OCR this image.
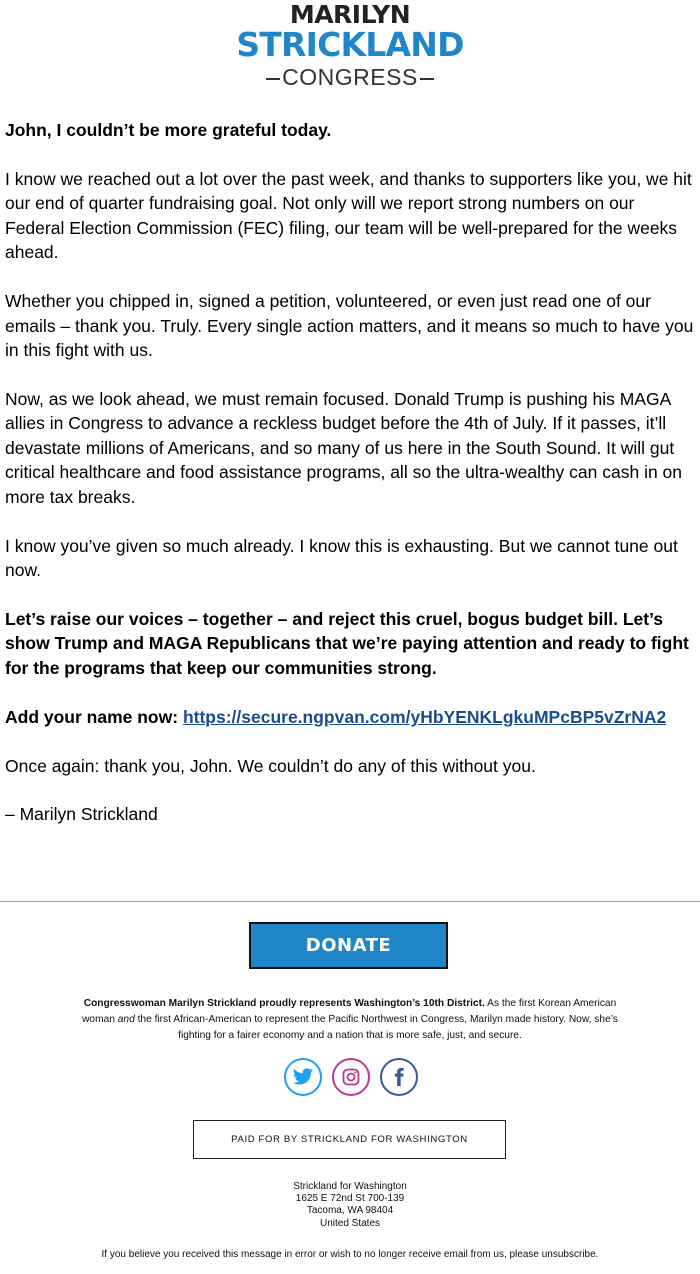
MARILYN
STRICKLAND
CONGRESS

John, I couldn’t be more grateful today.

I know we reached out a lot over the past week, and thanks to supporters like you, we hit our end of quarter fundraising goal. Not only will we report strong numbers on our Federal Election Commission (FEC) filing, our team will be well-prepared for the weeks ahead.

Whether you chipped in, signed a petition, volunteered, or even just read one of our emails – thank you. Truly. Every single action matters, and it means so much to have you in this fight with us.

Now, as we look ahead, we must remain focused. Donald Trump is pushing his MAGA allies in Congress to advance a reckless budget before the 4th of July. If it passes, it’ll devastate millions of Americans, and so many of us here in the South Sound. It will gut critical healthcare and food assistance programs, all so the ultra-wealthy can cash in on more tax breaks.

I know you’ve given so much already. I know this is exhausting. But we cannot tune out now.

Let’s raise our voices – together – and reject this cruel, bogus budget bill. Let’s show Trump and MAGA Republicans that we’re paying attention and ready to fight for the programs that keep our communities strong.

Add your name now: https://secure.ngpvan.com/yHbYENKLgkuMPcBP5vZrNA2

Once again: thank you, John. We couldn’t do any of this without you.

– Marilyn Strickland

DONATE
Congresswoman Marilyn Strickland proudly represents Washington’s 10th District. As the first Korean American woman and the first African-American to represent the Pacific Northwest in Congress, Marilyn made history. Now, she’s fighting for a fairer economy and a nation that is more safe, just, and secure.
PAID FOR BY STRICKLAND FOR WASHINGTON
Strickland for Washington
1625 E 72nd St 700-139
Tacoma, WA 98404
United States
If you believe you received this message in error or wish to no longer receive email from us, please unsubscribe.
